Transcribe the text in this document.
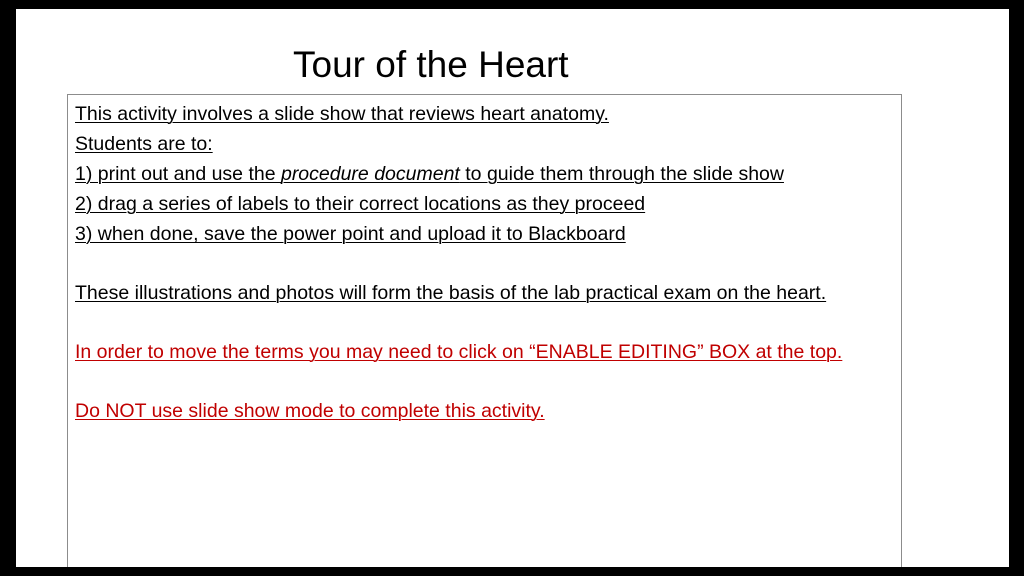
Tour of the Heart

This activity involves a slide show that reviews heart anatomy.

Students are to:

1) print out and use the procedure document to guide them through the slide show

2) drag a series of labels to their correct locations as they proceed

3) when done, save the power point and upload it to Blackboard

These illustrations and photos will form the basis of the lab practical exam on the heart.

In order to move the terms you may need to click on “ENABLE EDITING” BOX at the top.

Do NOT use slide show mode to complete this activity.
